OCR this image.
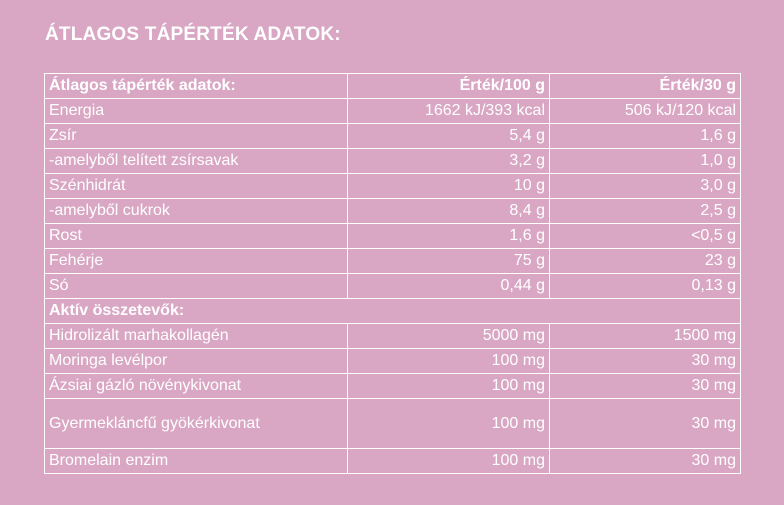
ÁTLAGOS TÁPÉRTÉK ADATOK:
Átlagos tápérték adatok:	Érték/100 g	Érték/30 g
Energia	1662 kJ/393 kcal	506 kJ/120 kcal
Zsír	5,4 g	1,6 g
-amelyből telített zsírsavak	3,2 g	1,0 g
Szénhidrát	10 g	3,0 g
-amelyből cukrok	8,4 g	2,5 g
Rost	1,6 g	<0,5 g
Fehérje	75 g	23 g
Só	0,44 g	0,13 g
Aktív összetevők:		
Hidrolizált marhakollagén	5000 mg	1500 mg
Moringa levélpor	100 mg	30 mg
Ázsiai gázló növénykivonat	100 mg	30 mg
Gyermekláncfű gyökérkivonat	100 mg	30 mg
Bromelain enzim	100 mg	30 mg
